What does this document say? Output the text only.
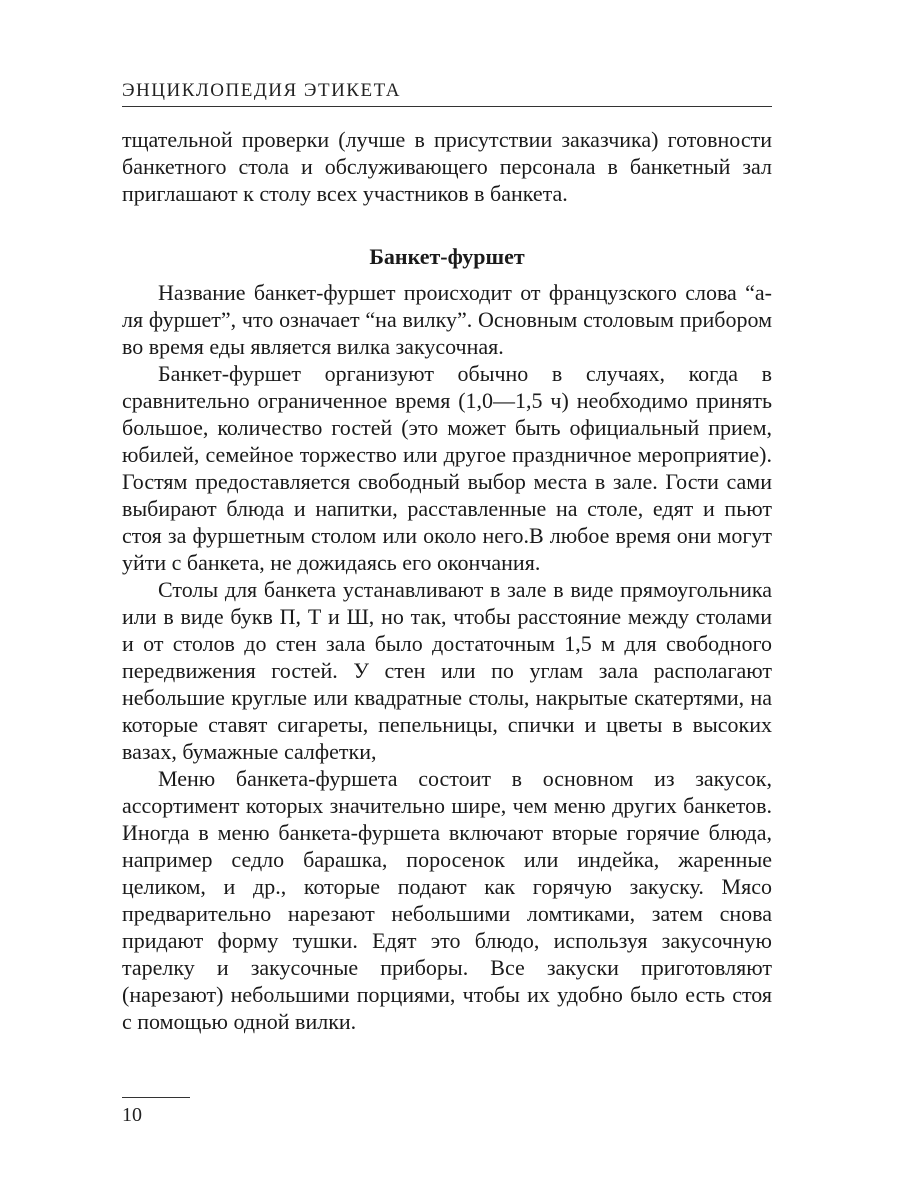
ЭНЦИКЛОПЕДИЯ ЭТИКЕТА

тщательной проверки (лучше в присутствии заказчика) готовности банкетного стола и обслуживающего персонала в банкетный зал приглашают к столу всех участников в банкета.

Банкет-фуршет

Название банкет-фуршет происходит от французского слова “а-ля фуршет”, что означает “на вилку”. Основным столовым прибором во время еды является вилка закусочная.

Банкет-фуршет организуют обычно в случаях, когда в сравнительно ограниченное время (1,0—1,5 ч) необходимо принять большое, количество гостей (это может быть официальный прием, юбилей, семейное торжество или другое праздничное мероприятие). Гостям предоставляется свободный выбор места в зале. Гости сами выбирают блюда и напитки, расставленные на столе, едят и пьют стоя за фуршетным столом или около него.В любое время они могут уйти с банкета, не дожидаясь его окончания.

Столы для банкета устанавливают в зале в виде прямоугольника или в виде букв П, Т и Ш, но так, чтобы расстояние между столами и от столов до стен зала было достаточным 1,5 м для свободного передвижения гостей. У стен или по углам зала располагают небольшие круглые или квадратные столы, накрытые скатертями, на которые ставят сигареты, пепельницы, спички и цветы в высоких вазах, бумажные салфетки,

Меню банкета-фуршета состоит в основном из закусок, ассортимент которых значительно шире, чем меню других банкетов. Иногда в меню банкета-фуршета включают вторые горячие блюда, например седло барашка, поросенок или индейка, жаренные целиком, и др., которые подают как горячую закуску. Мясо предварительно нарезают небольшими ломтиками, затем снова придают форму тушки. Едят это блюдо, используя закусочную тарелку и закусочные приборы. Все закуски приготовляют (нарезают) небольшими порциями, чтобы их удобно было есть стоя с помощью одной вилки.

10
